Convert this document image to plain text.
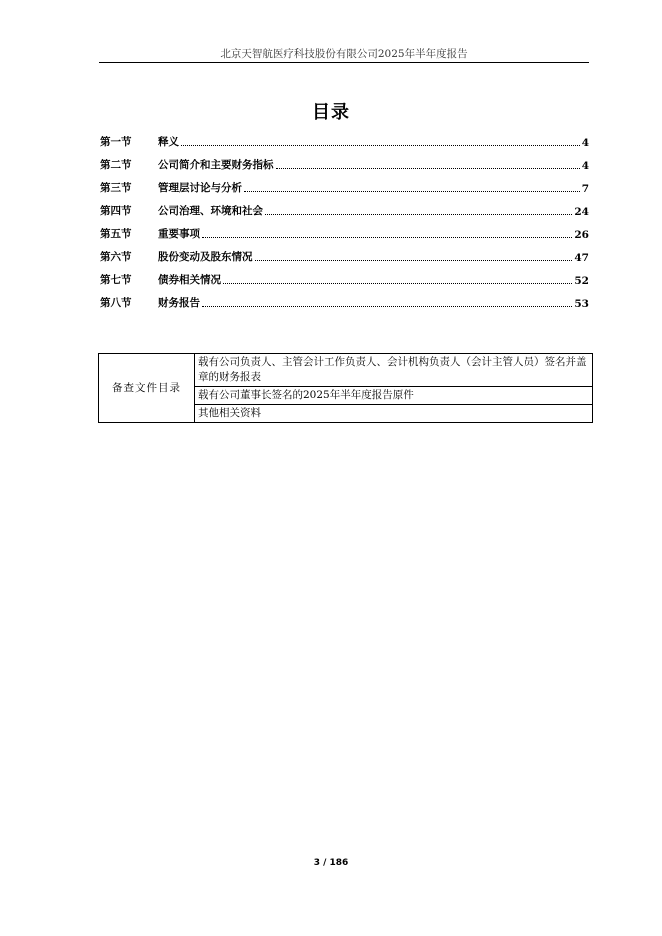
北京天智航医疗科技股份有限公司2025年半年度报告
目录
第一节	释义	4
第二节	公司简介和主要财务指标	4
第三节	管理层讨论与分析	7
第四节	公司治理、环境和社会	24
第五节	重要事项	26
第六节	股份变动及股东情况	47
第七节	债券相关情况	52
第八节	财务报告	53
备查文件目录	载有公司负责人、主管会计工作负责人、会计机构负责人（会计主管人员）签名并盖章的财务报表
载有公司董事长签名的2025年半年度报告原件
其他相关资料
3 / 186
